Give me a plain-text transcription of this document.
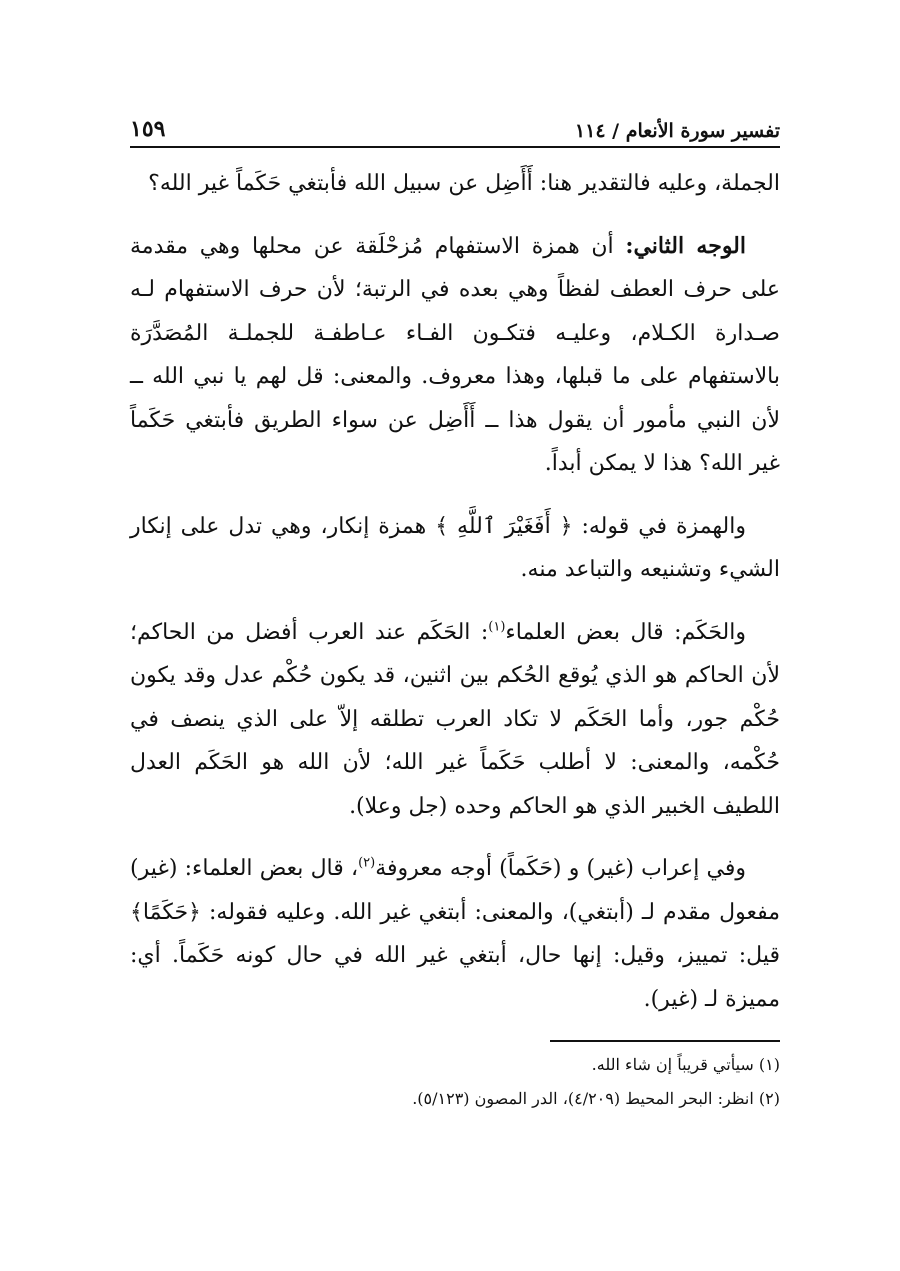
تفسير سورة الأنعام / ١١٤
١٥٩

الجملة، وعليه فالتقدير هنا: أَأَضِل عن سبيل الله فأبتغي حَكَماً غير الله؟

الوجه الثاني: أن همزة الاستفهام مُزحْلَقة عن محلها وهي مقدمة على حرف العطف لفظاً وهي بعده في الرتبة؛ لأن حرف الاستفهام لـه صـدارة الكـلام، وعليـه فتكـون الفـاء عـاطفـة للجملـة المُصَدَّرَة بالاستفهام على ما قبلها، وهذا معروف. والمعنى: قل لهم يا نبي الله ــ لأن النبي مأمور أن يقول هذا ــ أَأَضِل عن سواء الطريق فأبتغي حَكَماً غير الله؟ هذا لا يمكن أبداً.

والهمزة في قوله: ﴿ أَفَغَيْرَ ٱللَّهِ ﴾ همزة إنكار، وهي تدل على إنكار الشيء وتشنيعه والتباعد منه.

والحَكَم: قال بعض العلماء$^{(١)}$: الحَكَم عند العرب أفضل من الحاكم؛ لأن الحاكم هو الذي يُوقع الحُكم بين اثنين، قد يكون حُكْم عدل وقد يكون حُكْم جور، وأما الحَكَم لا تكاد العرب تطلقه إلاّ على الذي ينصف في حُكْمه، والمعنى: لا أطلب حَكَماً غير الله؛ لأن الله هو الحَكَم العدل اللطيف الخبير الذي هو الحاكم وحده (جل وعلا).

وفي إعراب (غير) و (حَكَماً) أوجه معروفة$^{(٢)}$، قال بعض العلماء: (غير) مفعول مقدم لـ (أبتغي)، والمعنى: أبتغي غير الله. وعليه فقوله: ﴿حَكَمًا﴾ قيل: تمييز، وقيل: إنها حال، أبتغي غير الله في حال كونه حَكَماً. أي: مميزة لـ (غير).

(١) سيأتي قريباً إن شاء الله.
(٢) انظر: البحر المحيط (٤/٢٠٩)، الدر المصون (٥/١٢٣).
